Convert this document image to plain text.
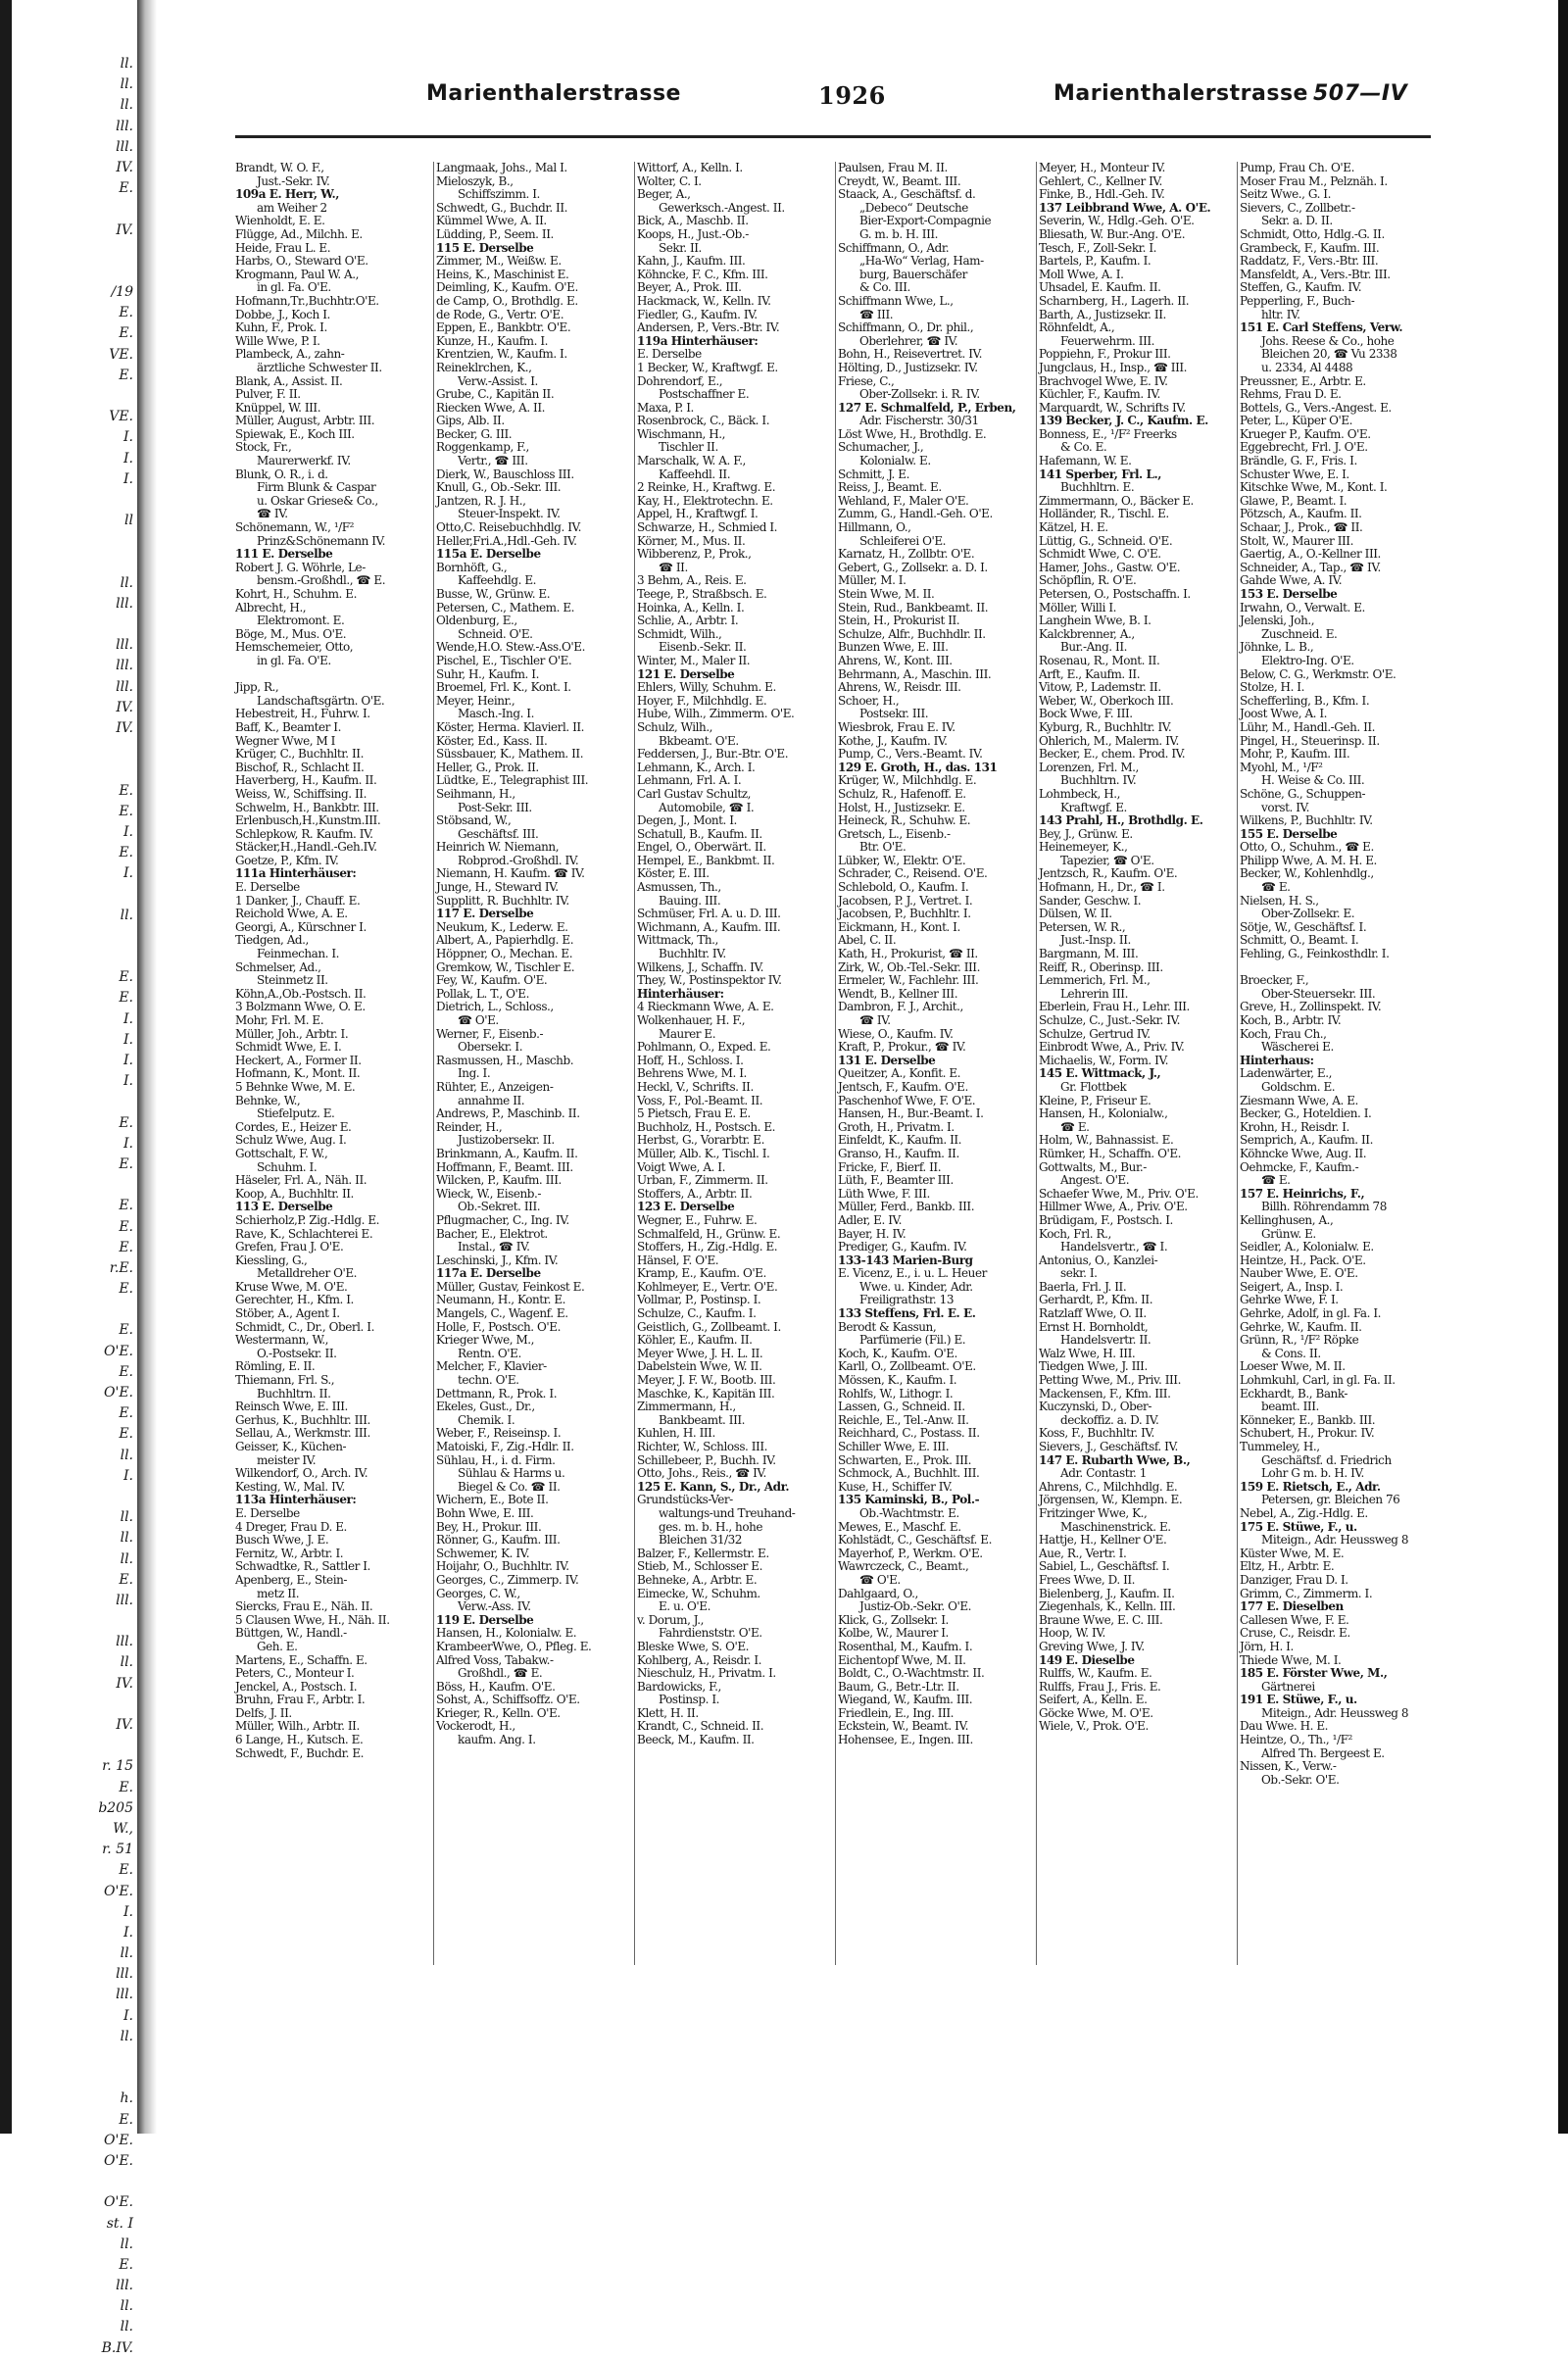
ll.
ll.
ll.
lll.
lll.
IV.
E.
IV.
/19
E.
E.
VE.
E.
VE.
I.
I.
I.
ll
ll.
lll.
lll.
lll.
lll.
IV.
IV.
E.
E.
I.
E.
I.
ll.
E.
E.
I.
I.
I.
I.
E.
I.
E.
E.
E.
E.
r.E.
E.
E.
O'E.
E.
O'E.
E.
E.
ll.
I.
ll.
ll.
ll.
E.
lll.
lll.
ll.
IV.
IV.
r. 15
E.
b205
W.,
r. 51
E.
O'E.
I.
I.
ll.
lll.
lll.
I.
ll.
h.
E.
O'E.
O'E.
O'E.
st. I
ll.
E.
lll.
ll.
ll.
B.IV.
Marienthalerstrasse	1926	Marienthalerstrasse 507—IV
Brandt, W. O. F.,
Just.-Sekr. IV.
109a E. Herr, W.,
am Weiher 2
Wienholdt, E. E.
Flügge, Ad., Milchh. E.
Heide, Frau L. E.
Harbs, O., Steward O'E.
Krogmann, Paul W. A.,
in gl. Fa. O'E.
Hofmann,Tr.,Buchhtr.O'E.
Dobbe, J., Koch I.
Kuhn, F., Prok. I.
Wille Wwe, P. I.
Plambeck, A., zahn-
ärztliche Schwester II.
Blank, A., Assist. II.
Pulver, F. II.
Knüppel, W. III.
Müller, August, Arbtr. III.
Spiewak, E., Koch III.
Stock, Fr.,
Maurerwerkf. IV.
Blunk, O. R., i. d.
Firm Blunk & Caspar
u. Oskar Griese& Co.,
☎ IV.
Schönemann, W., ¹/F²
Prinz&Schönemann IV.
111 E. Derselbe
Robert J. G. Wöhrle, Le-
bensm.-Großhdl., ☎ E.
Kohrt, H., Schuhm. E.
Albrecht, H.,
Elektromont. E.
Böge, M., Mus. O'E.
Hemschemeier, Otto,
in gl. Fa. O'E.
Jipp, R.,
Landschaftsgärtn. O'E.
Hebestreit, H., Fuhrw. I.
Baff, K., Beamter I.
Wegner Wwe, M I
Krüger, C., Buchhltr. II.
Bischof, R., Schlacht II.
Haverberg, H., Kaufm. II.
Weiss, W., Schiffsing. II.
Schwelm, H., Bankbtr. III.
Erlenbusch,H.,Kunstm.III.
Schlepkow, R. Kaufm. IV.
Stäcker,H.,Handl.-Geh.IV.
Goetze, P., Kfm. IV.
111a Hinterhäuser:
E. Derselbe
1 Danker, J., Chauff. E.
Reichold Wwe, A. E.
Georgi, A., Kürschner I.
Tiedgen, Ad.,
Feinmechan. I.
Schmelser, Ad.,
Steinmetz II.
Köhn,A.,Ob.-Postsch. II.
3 Bolzmann Wwe, O. E.
Mohr, Frl. M. E.
Müller, Joh., Arbtr. I.
Schmidt Wwe, E. I.
Heckert, A., Former II.
Hofmann, K., Mont. II.
5 Behnke Wwe, M. E.
Behnke, W.,
Stiefelputz. E.
Cordes, E., Heizer E.
Schulz Wwe, Aug. I.
Gottschalt, F. W.,
Schuhm. I.
Häseler, Frl. A., Näh. II.
Koop, A., Buchhltr. II.
113 E. Derselbe
Schierholz,P. Zig.-Hdlg. E.
Rave, K., Schlachterei E.
Grefen, Frau J. O'E.
Kiessling, G.,
Metalldreher O'E.
Kruse Wwe, M. O'E.
Gerechter, H., Kfm. I.
Stöber, A., Agent I.
Schmidt, C., Dr., Oberl. I.
Westermann, W.,
O.-Postsekr. II.
Römling, E. II.
Thiemann, Frl. S.,
Buchhltrn. II.
Reinsch Wwe, E. III.
Gerhus, K., Buchhltr. III.
Sellau, A., Werkmstr. III.
Geisser, K., Küchen-
meister IV.
Wilkendorf, O., Arch. IV.
Kesting, W., Mal. IV.
113a Hinterhäuser:
E. Derselbe
4 Dreger, Frau D. E.
Busch Wwe, J. E.
Fernitz, W., Arbtr. I.
Schwadtke, R., Sattler I.
Apenberg, E., Stein-
metz II.
Siercks, Frau E., Näh. II.
5 Clausen Wwe, H., Näh. II.
Büttgen, W., Handl.-
Geh. E.
Martens, E., Schaffn. E.
Peters, C., Monteur I.
Jenckel, A., Postsch. I.
Bruhn, Frau F., Arbtr. I.
Delfs, J. II.
Müller, Wilh., Arbtr. II.
6 Lange, H., Kutsch. E.
Schwedt, F., Buchdr. E.
Langmaak, Johs., Mal I.
Mieloszyk, B.,
Schiffszimm. I.
Schwedt, G., Buchdr. II.
Kümmel Wwe, A. II.
Lüdding, P., Seem. II.
115 E. Derselbe
Zimmer, M., Weißw. E.
Heins, K., Maschinist E.
Deimling, K., Kaufm. O'E.
de Camp, O., Brothdlg. E.
de Rode, G., Vertr. O'E.
Eppen, E., Bankbtr. O'E.
Kunze, H., Kaufm. I.
Krentzien, W., Kaufm. I.
Reineklrchen, K.,
Verw.-Assist. I.
Grube, C., Kapitän II.
Riecken Wwe, A. II.
Gips, Alb. II.
Becker, G. III.
Roggenkamp, F.,
Vertr., ☎ III.
Dierk, W., Bauschloss III.
Knull, G., Ob.-Sekr. III.
Jantzen, R. J. H.,
Steuer-Inspekt. IV.
Otto,C. Reisebuchhdlg. IV.
Heller,Fri.A.,Hdl.-Geh. IV.
115a E. Derselbe
Bornhöft, G.,
Kaffeehdlg. E.
Busse, W., Grünw. E.
Petersen, C., Mathem. E.
Oldenburg, E.,
Schneid. O'E.
Wende,H.O. Stew.-Ass.O'E.
Pischel, E., Tischler O'E.
Suhr, H., Kaufm. I.
Broemel, Frl. K., Kont. I.
Meyer, Heinr.,
Masch.-Ing. I.
Köster, Herma. Klavierl. II.
Köster, Ed., Kass. II.
Süssbauer, K., Mathem. II.
Heller, G., Prok. II.
Lüdtke, E., Telegraphist III.
Seihmann, H.,
Post-Sekr. III.
Stöbsand, W.,
Geschäftsf. III.
Heinrich W. Niemann,
Robprod.-Großhdl. IV.
Niemann, H. Kaufm. ☎ IV.
Junge, H., Steward IV.
Supplitt, R. Buchhltr. IV.
117 E. Derselbe
Neukum, K., Lederw. E.
Albert, A., Papierhdlg. E.
Höppner, O., Mechan. E.
Gremkow, W., Tischler E.
Fey, W., Kaufm. O'E.
Pollak, L. T., O'E.
Dietrich, L., Schloss.,
☎ O'E.
Werner, F., Eisenb.-
Obersekr. I.
Rasmussen, H., Maschb.
Ing. I.
Rühter, E., Anzeigen-
annahme II.
Andrews, P., Maschinb. II.
Reinder, H.,
Justizobersekr. II.
Brinkmann, A., Kaufm. II.
Hoffmann, F., Beamt. III.
Wilcken, P., Kaufm. III.
Wieck, W., Eisenb.-
Ob.-Sekret. III.
Pflugmacher, C., Ing. IV.
Bacher, E., Elektrot.
Instal., ☎ IV.
Leschinski, J., Kfm. IV.
117a E. Derselbe
Müller, Gustav, Feinkost E.
Neumann, H., Kontr. E.
Mangels, C., Wagenf. E.
Holle, F., Postsch. O'E.
Krieger Wwe, M.,
Rentn. O'E.
Melcher, F., Klavier-
techn. O'E.
Dettmann, R., Prok. I.
Ekeles, Gust., Dr.,
Chemik. I.
Weber, F., Reiseinsp. I.
Matoiski, F., Zig.-Hdlr. II.
Sühlau, H., i. d. Firm.
Sühlau & Harms u.
Biegel & Co. ☎ II.
Wichern, E., Bote II.
Bohn Wwe, E. III.
Bey, H., Prokur. III.
Rönner, G., Kaufm. III.
Schwemer, K. IV.
Hoijahr, O., Buchhltr. IV.
Georges, C., Zimmerp. IV.
Georges, C. W.,
Verw.-Ass. IV.
119 E. Derselbe
Hansen, H., Kolonialw. E.
KrambeerWwe, O., Pfleg. E.
Alfred Voss, Tabakw.-
Großhdl., ☎ E.
Böss, H., Kaufm. O'E.
Sohst, A., Schiffsoffz. O'E.
Krieger, R., Kelln. O'E.
Vockerodt, H.,
kaufm. Ang. I.
Wittorf, A., Kelln. I.
Wolter, C. I.
Beger, A.,
Gewerksch.-Angest. II.
Bick, A., Maschb. II.
Koops, H., Just.-Ob.-
Sekr. II.
Kahn, J., Kaufm. III.
Köhncke, F. C., Kfm. III.
Beyer, A., Prok. III.
Hackmack, W., Kelln. IV.
Fiedler, G., Kaufm. IV.
Andersen, P., Vers.-Btr. IV.
119a Hinterhäuser:
E. Derselbe
1 Becker, W., Kraftwgf. E.
Dohrendorf, E.,
Postschaffner E.
Maxa, P. I.
Rosenbrock, C., Bäck. I.
Wischmann, H.,
Tischler II.
Marschalk, W. A. F.,
Kaffeehdl. II.
2 Reinke, H., Kraftwg. E.
Kay, H., Elektrotechn. E.
Appel, H., Kraftwgf. I.
Schwarze, H., Schmied I.
Körner, M., Mus. II.
Wibberenz, P., Prok.,
☎ II.
3 Behm, A., Reis. E.
Teege, P., Straßbsch. E.
Hoinka, A., Kelln. I.
Schlie, A., Arbtr. I.
Schmidt, Wilh.,
Eisenb.-Sekr. II.
Winter, M., Maler II.
121 E. Derselbe
Ehlers, Willy, Schuhm. E.
Hoyer, F., Milchhdlg. E.
Hube, Wilh., Zimmerm. O'E.
Schulz, Wilh.,
Bkbeamt. O'E.
Feddersen, J., Bur.-Btr. O'E.
Lehmann, K., Arch. I.
Lehmann, Frl. A. I.
Carl Gustav Schultz,
Automobile, ☎ I.
Degen, J., Mont. I.
Schatull, B., Kaufm. II.
Engel, O., Oberwärt. II.
Hempel, E., Bankbmt. II.
Köster, E. III.
Asmussen, Th.,
Bauing. III.
Schmüser, Frl. A. u. D. III.
Wichmann, A., Kaufm. III.
Wittmack, Th.,
Buchhltr. IV.
Wilkens, J., Schaffn. IV.
They, W., Postinspektor IV.
Hinterhäuser:
4 Rieckmann Wwe, A. E.
Wolkenhauer, H. F.,
Maurer E.
Pohlmann, O., Exped. E.
Hoff, H., Schloss. I.
Behrens Wwe, M. I.
Heckl, V., Schrifts. II.
Voss, F., Pol.-Beamt. II.
5 Pietsch, Frau E. E.
Buchholz, H., Postsch. E.
Herbst, G., Vorarbtr. E.
Müller, Alb. K., Tischl. I.
Voigt Wwe, A. I.
Urban, F., Zimmerm. II.
Stoffers, A., Arbtr. II.
123 E. Derselbe
Wegner, E., Fuhrw. E.
Schmalfeld, H., Grünw. E.
Stoffers, H., Zig.-Hdlg. E.
Hänsel, F. O'E.
Kramp, E., Kaufm. O'E.
Kohlmeyer, E., Vertr. O'E.
Vollmar, P., Postinsp. I.
Schulze, C., Kaufm. I.
Geistlich, G., Zollbeamt. I.
Köhler, E., Kaufm. II.
Meyer Wwe, J. H. L. II.
Dabelstein Wwe, W. II.
Meyer, J. F. W., Bootb. III.
Maschke, K., Kapitän III.
Zimmermann, H.,
Bankbeamt. III.
Kuhlen, H. III.
Richter, W., Schloss. III.
Schillebeer, P., Buchh. IV.
Otto, Johs., Reis., ☎ IV.
125 E. Kann, S., Dr., Adr.
Grundstücks-Ver-
waltungs-und Treuhand-
ges. m. b. H., hohe
Bleichen 31/32
Balzer, F., Kellermstr. E.
Stieb, M., Schlosser E.
Behneke, A., Arbtr. E.
Eimecke, W., Schuhm.
E. u. O'E.
v. Dorum, J.,
Fahrdienststr. O'E.
Bleske Wwe, S. O'E.
Kohlberg, A., Reisdr. I.
Nieschulz, H., Privatm. I.
Bardowicks, F.,
Postinsp. I.
Klett, H. II.
Krandt, C., Schneid. II.
Beeck, M., Kaufm. II.
Paulsen, Frau M. II.
Creydt, W., Beamt. III.
Staack, A., Geschäftsf. d.
„Debeco“ Deutsche
Bier-Export-Compagnie
G. m. b. H. III.
Schiffmann, O., Adr.
„Ha-Wo“ Verlag, Ham-
burg, Bauerschäfer
& Co. III.
Schiffmann Wwe, L.,
☎ III.
Schiffmann, O., Dr. phil.,
Oberlehrer, ☎ IV.
Bohn, H., Reisevertret. IV.
Hölting, D., Justizsekr. IV.
Friese, C.,
Ober-Zollsekr. i. R. IV.
127 E. Schmalfeld, P., Erben,
Adr. Fischerstr. 30/31
Löst Wwe, H., Brothdlg. E.
Schumacher, J.,
Kolonialw. E.
Schmitt, J. E.
Reiss, J., Beamt. E.
Wehland, F., Maler O'E.
Zumm, G., Handl.-Geh. O'E.
Hillmann, O.,
Schleiferei O'E.
Karnatz, H., Zollbtr. O'E.
Gebert, G., Zollsekr. a. D. I.
Müller, M. I.
Stein Wwe, M. II.
Stein, Rud., Bankbeamt. II.
Stein, H., Prokurist II.
Schulze, Alfr., Buchhdlr. II.
Bunzen Wwe, E. III.
Ahrens, W., Kont. III.
Behrmann, A., Maschin. III.
Ahrens, W., Reisdr. III.
Schoer, H.,
Postsekr. III.
Wiesbrok, Frau E. IV.
Kothe, J., Kaufm. IV.
Pump, C., Vers.-Beamt. IV.
129 E. Groth, H., das. 131
Krüger, W., Milchhdlg. E.
Schulz, R., Hafenoff. E.
Holst, H., Justizsekr. E.
Heineck, R., Schuhw. E.
Gretsch, L., Eisenb.-
Btr. O'E.
Lübker, W., Elektr. O'E.
Schrader, C., Reisend. O'E.
Schlebold, O., Kaufm. I.
Jacobsen, P. J., Vertret. I.
Jacobsen, P., Buchhltr. I.
Eickmann, H., Kont. I.
Abel, C. II.
Kath, H., Prokurist, ☎ II.
Zirk, W., Ob.-Tel.-Sekr. III.
Ermeler, W., Fachlehr. III.
Wendt, B., Kellner III.
Dambron, F. J., Archit.,
☎ IV.
Wiese, O., Kaufm. IV.
Kraft, P., Prokur., ☎ IV.
131 E. Derselbe
Queitzer, A., Konfit. E.
Jentsch, F., Kaufm. O'E.
Paschenhof Wwe, F. O'E.
Hansen, H., Bur.-Beamt. I.
Groth, H., Privatm. I.
Einfeldt, K., Kaufm. II.
Granso, H., Kaufm. II.
Fricke, F., Bierf. II.
Lüth, F., Beamter III.
Lüth Wwe, F. III.
Müller, Ferd., Bankb. III.
Adler, E. IV.
Bayer, H. IV.
Prediger, G., Kaufm. IV.
133-143 Marien-Burg
E. Vicenz, E., i. u. L. Heuer
Wwe. u. Kinder, Adr.
Freiligrathstr. 13
133 Steffens, Frl. E. E.
Berodt & Kassun,
Parfümerie (Fil.) E.
Koch, K., Kaufm. O'E.
Karll, O., Zollbeamt. O'E.
Mössen, K., Kaufm. I.
Rohlfs, W., Lithogr. I.
Lassen, G., Schneid. II.
Reichle, E., Tel.-Anw. II.
Reichhard, C., Postass. II.
Schiller Wwe, E. III.
Schwarten, E., Prok. III.
Schmock, A., Buchhlt. III.
Kuse, H., Schiffer IV.
135 Kaminski, B., Pol.-
Ob.-Wachtmstr. E.
Mewes, E., Maschf. E.
Kohlstädt, C., Geschäftsf. E.
Mayerhof, P., Werkm. O'E.
Wawrczeck, C., Beamt.,
☎ O'E.
Dahlgaard, O.,
Justiz-Ob.-Sekr. O'E.
Klick, G., Zollsekr. I.
Kolbe, W., Maurer I.
Rosenthal, M., Kaufm. I.
Eichentopf Wwe, M. II.
Boldt, C., O.-Wachtmstr. II.
Baum, G., Betr.-Ltr. II.
Wiegand, W., Kaufm. III.
Friedlein, E., Ing. III.
Eckstein, W., Beamt. IV.
Hohensee, E., Ingen. III.
Meyer, H., Monteur IV.
Gehlert, C., Kellner IV.
Finke, B., Hdl.-Geh. IV.
137 Leibbrand Wwe, A. O'E.
Severin, W., Hdlg.-Geh. O'E.
Bliesath, W. Bur.-Ang. O'E.
Tesch, F., Zoll-Sekr. I.
Bartels, P., Kaufm. I.
Moll Wwe, A. I.
Uhsadel, E. Kaufm. II.
Scharnberg, H., Lagerh. II.
Barth, A., Justizsekr. II.
Röhnfeldt, A.,
Feuerwehrm. III.
Poppiehn, F., Prokur III.
Jungclaus, H., Insp., ☎ III.
Brachvogel Wwe, E. IV.
Küchler, F., Kaufm. IV.
Marquardt, W., Schrifts IV.
139 Becker, J. C., Kaufm. E.
Bonness, E., ¹/F² Freerks
& Co. E.
Hafemann, W. E.
141 Sperber, Frl. L.,
Buchhltrn. E.
Zimmermann, O., Bäcker E.
Holländer, R., Tischl. E.
Kätzel, H. E.
Lüttig, G., Schneid. O'E.
Schmidt Wwe, C. O'E.
Hamer, Johs., Gastw. O'E.
Schöpflin, R. O'E.
Petersen, O., Postschaffn. I.
Möller, Willi I.
Langhein Wwe, B. I.
Kalckbrenner, A.,
Bur.-Ang. II.
Rosenau, R., Mont. II.
Arft, E., Kaufm. II.
Vitow, P., Lademstr. II.
Weber, W., Oberkoch III.
Bock Wwe, F. III.
Kyburg, R., Buchhltr. IV.
Ohlerich, M., Malerm. IV.
Becker, E., chem. Prod. IV.
Lorenzen, Frl. M.,
Buchhltrn. IV.
Lohmbeck, H.,
Kraftwgf. E.
143 Prahl, H., Brothdlg. E.
Bey, J., Grünw. E.
Heinemeyer, K.,
Tapezier, ☎ O'E.
Jentzsch, R., Kaufm. O'E.
Hofmann, H., Dr., ☎ I.
Sander, Geschw. I.
Dülsen, W. II.
Petersen, W. R.,
Just.-Insp. II.
Bargmann, M. III.
Reiff, R., Oberinsp. III.
Lemmerich, Frl. M.,
Lehrerin III.
Eberlein, Frau H., Lehr. III.
Schulze, C., Just.-Sekr. IV.
Schulze, Gertrud IV.
Einbrodt Wwe, A., Priv. IV.
Michaelis, W., Form. IV.
145 E. Wittmack, J.,
Gr. Flottbek
Kleine, P., Friseur E.
Hansen, H., Kolonialw.,
☎ E.
Holm, W., Bahnassist. E.
Rümker, H., Schaffn. O'E.
Gottwalts, M., Bur.-
Angest. O'E.
Schaefer Wwe, M., Priv. O'E.
Hillmer Wwe, A., Priv. O'E.
Brüdigam, F., Postsch. I.
Koch, Frl. R.,
Handelsvertr., ☎ I.
Antonius, O., Kanzlei-
sekr. I.
Baerla, Frl. J. II.
Gerhardt, P., Kfm. II.
Ratzlaff Wwe, O. II.
Ernst H. Bornholdt,
Handelsvertr. II.
Walz Wwe, H. III.
Tiedgen Wwe, J. III.
Petting Wwe, M., Priv. III.
Mackensen, F., Kfm. III.
Kuczynski, D., Ober-
deckoffiz. a. D. IV.
Koss, F., Buchhltr. IV.
Sievers, J., Geschäftsf. IV.
147 E. Rubarth Wwe, B.,
Adr. Contastr. 1
Ahrens, C., Milchhdlg. E.
Jörgensen, W., Klempn. E.
Fritzinger Wwe, K.,
Maschinenstrick. E.
Hattje, H., Kellner O'E.
Aue, R., Vertr. I.
Sabiel, L., Geschäftsf. I.
Frees Wwe, D. II.
Bielenberg, J., Kaufm. II.
Ziegenhals, K., Kelln. III.
Braune Wwe, E. C. III.
Hoop, W. IV.
Greving Wwe, J. IV.
149 E. Dieselbe
Rulffs, W., Kaufm. E.
Rulffs, Frau J., Fris. E.
Seifert, A., Kelln. E.
Göcke Wwe, M. O'E.
Wiele, V., Prok. O'E.
Pump, Frau Ch. O'E.
Moser Frau M., Pelznäh. I.
Seitz Wwe., G. I.
Sievers, C., Zollbetr.-
Sekr. a. D. II.
Schmidt, Otto, Hdlg.-G. II.
Grambeck, F., Kaufm. III.
Raddatz, F., Vers.-Btr. III.
Mansfeldt, A., Vers.-Btr. III.
Steffen, G., Kaufm. IV.
Pepperling, F., Buch-
hltr. IV.
151 E. Carl Steffens, Verw.
Johs. Reese & Co., hohe
Bleichen 20, ☎ Vu 2338
u. 2334, Al 4488
Preussner, E., Arbtr. E.
Rehms, Frau D. E.
Bottels, G., Vers.-Angest. E.
Peter, L., Küper O'E.
Krueger P., Kaufm. O'E.
Eggebrecht, Frl. J. O'E.
Brändle, G. F., Fris. I.
Schuster Wwe, E. I.
Kitschke Wwe, M., Kont. I.
Glawe, P., Beamt. I.
Pötzsch, A., Kaufm. II.
Schaar, J., Prok., ☎ II.
Stolt, W., Maurer III.
Gaertig, A., O.-Kellner III.
Schneider, A., Tap., ☎ IV.
Gahde Wwe, A. IV.
153 E. Derselbe
Irwahn, O., Verwalt. E.
Jelenski, Joh.,
Zuschneid. E.
Jöhnke, L. B.,
Elektro-Ing. O'E.
Below, C. G., Werkmstr. O'E.
Stolze, H. I.
Schefferling, B., Kfm. I.
Joost Wwe, A. I.
Lühr, M., Handl.-Geh. II.
Pingel, H., Steuerinsp. II.
Mohr, P., Kaufm. III.
Myohl, M., ¹/F²
H. Weise & Co. III.
Schöne, G., Schuppen-
vorst. IV.
Wilkens, P., Buchhltr. IV.
155 E. Derselbe
Otto, O., Schuhm., ☎ E.
Philipp Wwe, A. M. H. E.
Becker, W., Kohlenhdlg.,
☎ E.
Nielsen, H. S.,
Ober-Zollsekr. E.
Sötje, W., Geschäftsf. I.
Schmitt, O., Beamt. I.
Fehling, G., Feinkosthdlr. I.
Broecker, F.,
Ober-Steuersekr. III.
Greve, H., Zollinspekt. IV.
Koch, B., Arbtr. IV.
Koch, Frau Ch.,
Wäscherei E.
Hinterhaus:
Ladenwärter, E.,
Goldschm. E.
Ziesmann Wwe, A. E.
Becker, G., Hoteldien. I.
Krohn, H., Reisdr. I.
Semprich, A., Kaufm. II.
Köhncke Wwe, Aug. II.
Oehmcke, F., Kaufm.-
☎ E.
157 E. Heinrichs, F.,
Billh. Röhrendamm 78
Kellinghusen, A.,
Grünw. E.
Seidler, A., Kolonialw. E.
Heintze, H., Pack. O'E.
Nauber Wwe, E. O'E.
Seigert, A., Insp. I.
Gehrke Wwe, F. I.
Gehrke, Adolf, in gl. Fa. I.
Gehrke, W., Kaufm. II.
Grünn, R., ¹/F² Röpke
& Cons. II.
Loeser Wwe, M. II.
Lohmkuhl, Carl, in gl. Fa. II.
Eckhardt, B., Bank-
beamt. III.
Könneker, E., Bankb. III.
Schubert, H., Prokur. IV.
Tummeley, H.,
Geschäftsf. d. Friedrich
Lohr G m. b. H. IV.
159 E. Rietsch, E., Adr.
Petersen, gr. Bleichen 76
Nebel, A., Zig.-Hdlg. E.
175 E. Stüwe, F., u.
Miteign., Adr. Heussweg 8
Küster Wwe, M. E.
Eltz, H., Arbtr. E.
Danziger, Frau D. I.
Grimm, C., Zimmerm. I.
177 E. Dieselben
Callesen Wwe, F. E.
Cruse, C., Reisdr. E.
Jörn, H. I.
Thiede Wwe, M. I.
185 E. Förster Wwe, M.,
Gärtnerei
191 E. Stüwe, F., u.
Miteign., Adr. Heussweg 8
Dau Wwe. H. E.
Heintze, O., Th., ¹/F²
Alfred Th. Bergeest E.
Nissen, K., Verw.-
Ob.-Sekr. O'E.
